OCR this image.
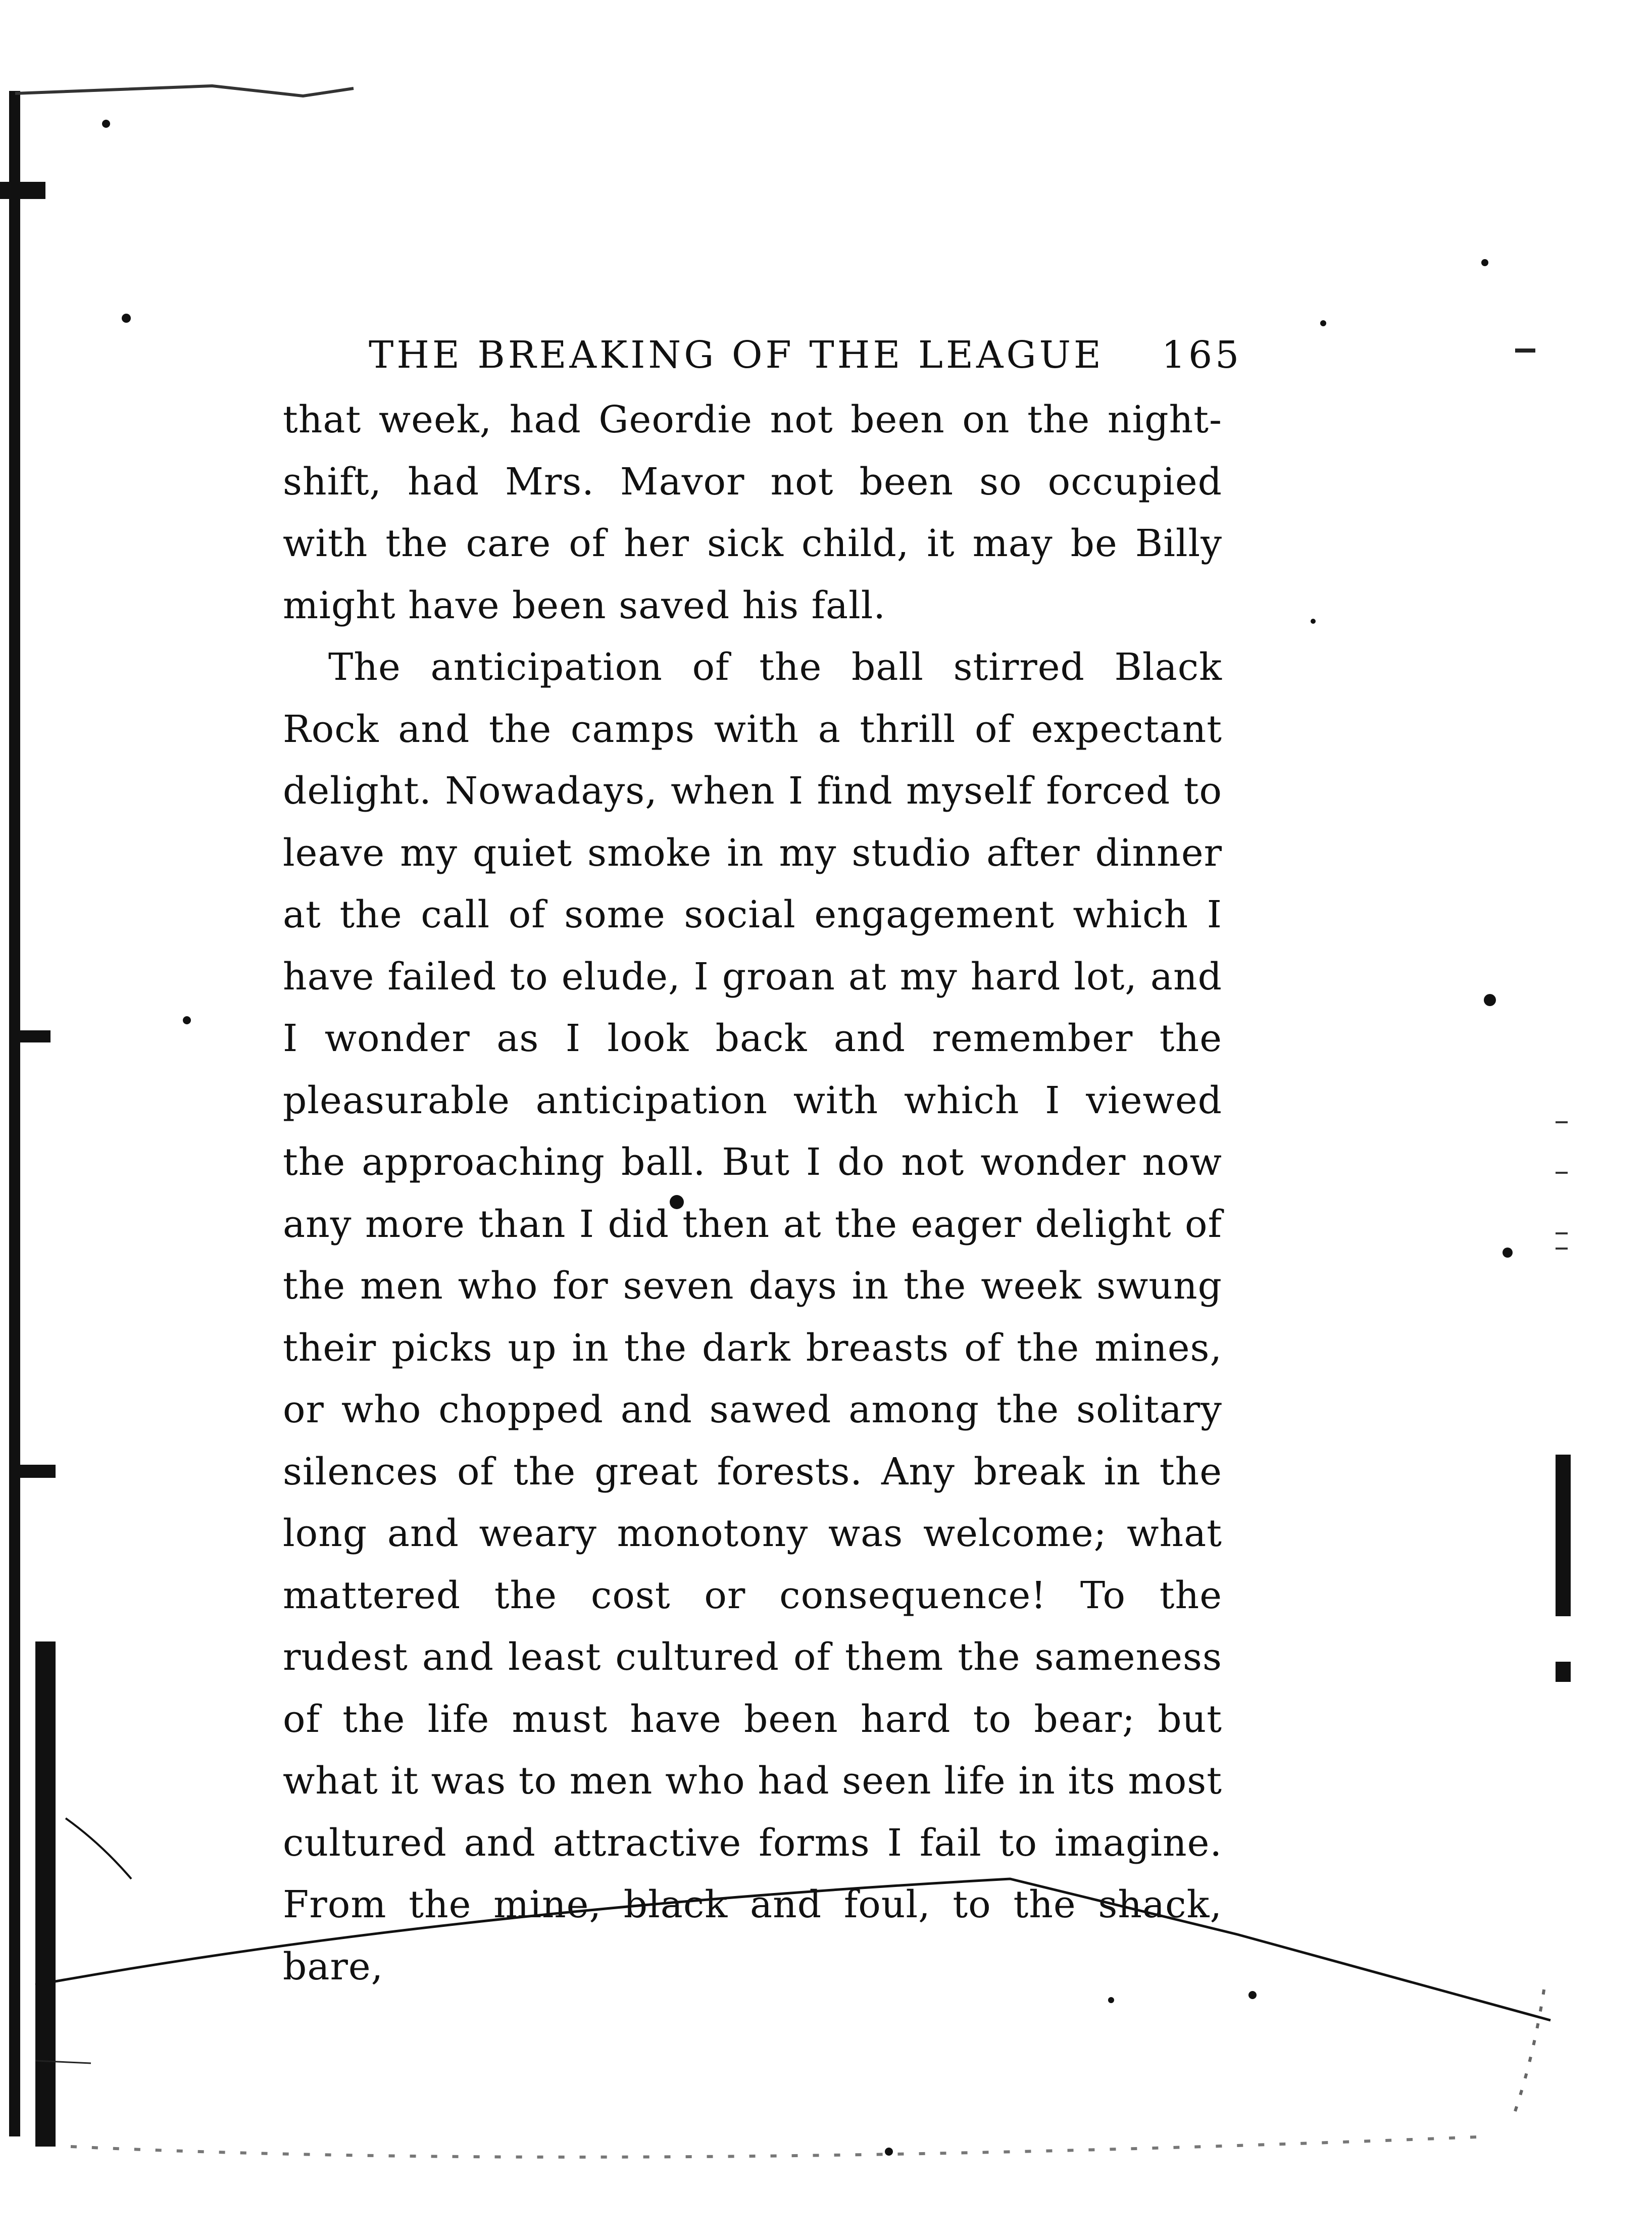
THE BREAKING OF THE LEAGUE 165

that week, had Geordie not been on the night-shift, had Mrs. Mavor not been so occupied with the care of her sick child, it may be Billy might have been saved his fall.

The anticipation of the ball stirred Black Rock and the camps with a thrill of expectant delight. Nowadays, when I find myself forced to leave my quiet smoke in my studio after dinner at the call of some social engagement which I have failed to elude, I groan at my hard lot, and I wonder as I look back and remember the pleasurable anticipation with which I viewed the approaching ball. But I do not wonder now any more than I did then at the eager delight of the men who for seven days in the week swung their picks up in the dark breasts of the mines, or who chopped and sawed among the solitary silences of the great forests. Any break in the long and weary monotony was welcome; what mattered the cost or consequence! To the rudest and least cultured of them the sameness of the life must have been hard to bear; but what it was to men who had seen life in its most cultured and attractive forms I fail to imagine. From the mine, black and foul, to the shack, bare,
